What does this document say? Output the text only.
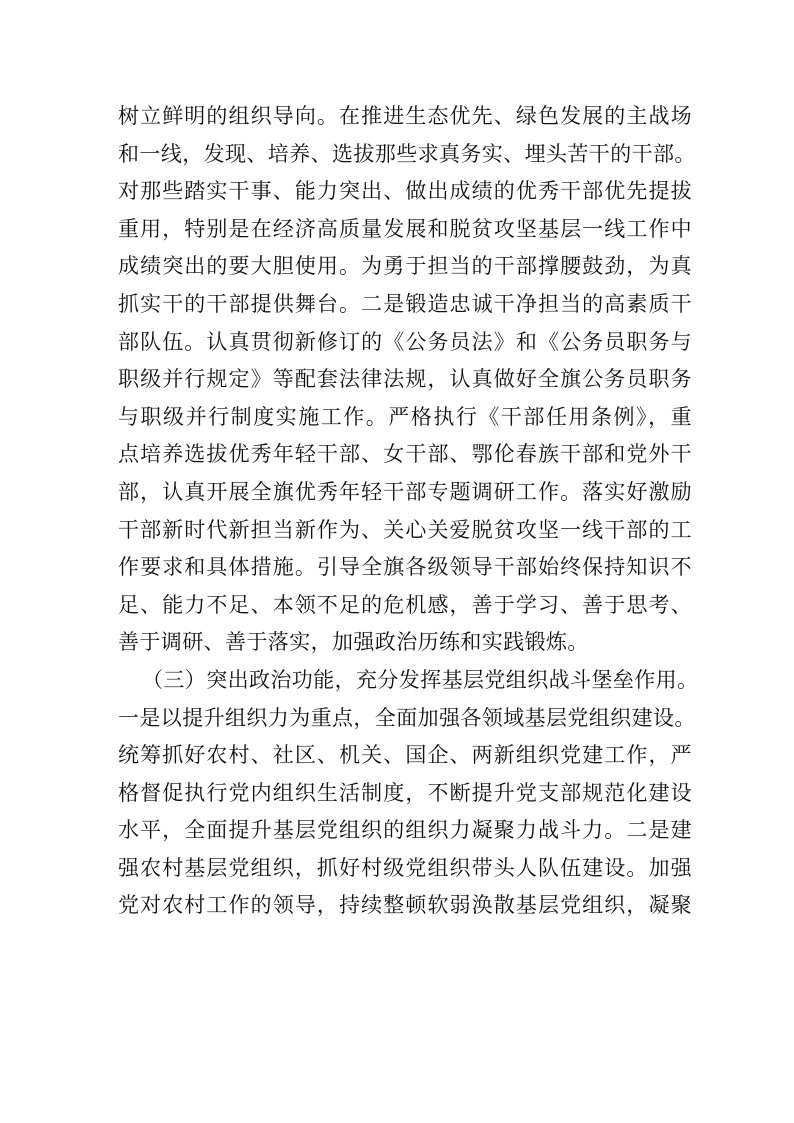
树立鲜明的组织导向。在推进生态优先、绿色发展的主战场
和一线，发现、培养、选拔那些求真务实、埋头苦干的干部。
对那些踏实干事、能力突出、做出成绩的优秀干部优先提拔
重用，特别是在经济高质量发展和脱贫攻坚基层一线工作中
成绩突出的要大胆使用。为勇于担当的干部撑腰鼓劲，为真
抓实干的干部提供舞台。二是锻造忠诚干净担当的高素质干
部队伍。认真贯彻新修订的《公务员法》和《公务员职务与
职级并行规定》等配套法律法规，认真做好全旗公务员职务
与职级并行制度实施工作。严格执行《干部任用条例》，重
点培养选拔优秀年轻干部、女干部、鄂伦春族干部和党外干
部，认真开展全旗优秀年轻干部专题调研工作。落实好激励
干部新时代新担当新作为、关心关爱脱贫攻坚一线干部的工
作要求和具体措施。引导全旗各级领导干部始终保持知识不
足、能力不足、本领不足的危机感，善于学习、善于思考、
善于调研、善于落实，加强政治历练和实践锻炼。
（三）突出政治功能，充分发挥基层党组织战斗堡垒作用。
一是以提升组织力为重点，全面加强各领域基层党组织建设。
统筹抓好农村、社区、机关、国企、两新组织党建工作，严
格督促执行党内组织生活制度，不断提升党支部规范化建设
水平，全面提升基层党组织的组织力凝聚力战斗力。二是建
强农村基层党组织，抓好村级党组织带头人队伍建设。加强
党对农村工作的领导，持续整顿软弱涣散基层党组织，凝聚
